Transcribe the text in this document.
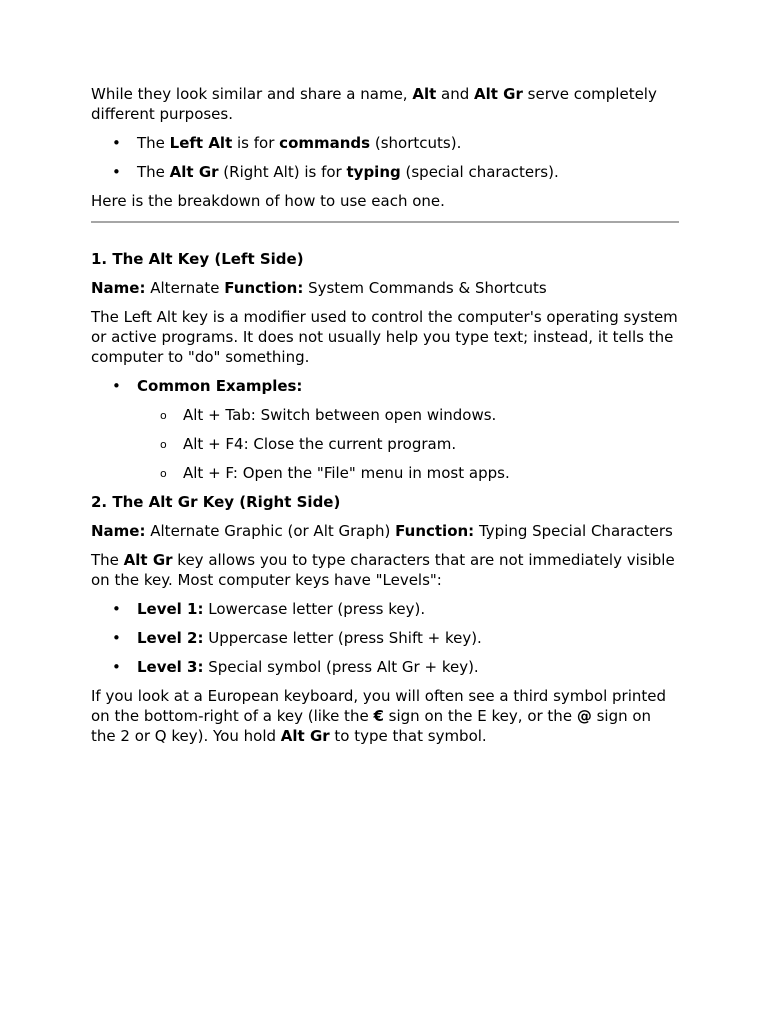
While they look similar and share a name, Alt and Alt Gr serve completely different purposes.

• The Left Alt is for commands (shortcuts).
• The Alt Gr (Right Alt) is for typing (special characters).

Here is the breakdown of how to use each one.

1. The Alt Key (Left Side)

Name: Alternate Function: System Commands & Shortcuts

The Left Alt key is a modifier used to control the computer's operating system or active programs. It does not usually help you type text; instead, it tells the computer to "do" something.

• Common Examples:
o Alt + Tab: Switch between open windows.
o Alt + F4: Close the current program.
o Alt + F: Open the "File" menu in most apps.

2. The Alt Gr Key (Right Side)

Name: Alternate Graphic (or Alt Graph) Function: Typing Special Characters

The Alt Gr key allows you to type characters that are not immediately visible on the key. Most computer keys have "Levels":

• Level 1: Lowercase letter (press key).
• Level 2: Uppercase letter (press Shift + key).
• Level 3: Special symbol (press Alt Gr + key).

If you look at a European keyboard, you will often see a third symbol printed on the bottom-right of a key (like the € sign on the E key, or the @ sign on the 2 or Q key). You hold Alt Gr to type that symbol.
